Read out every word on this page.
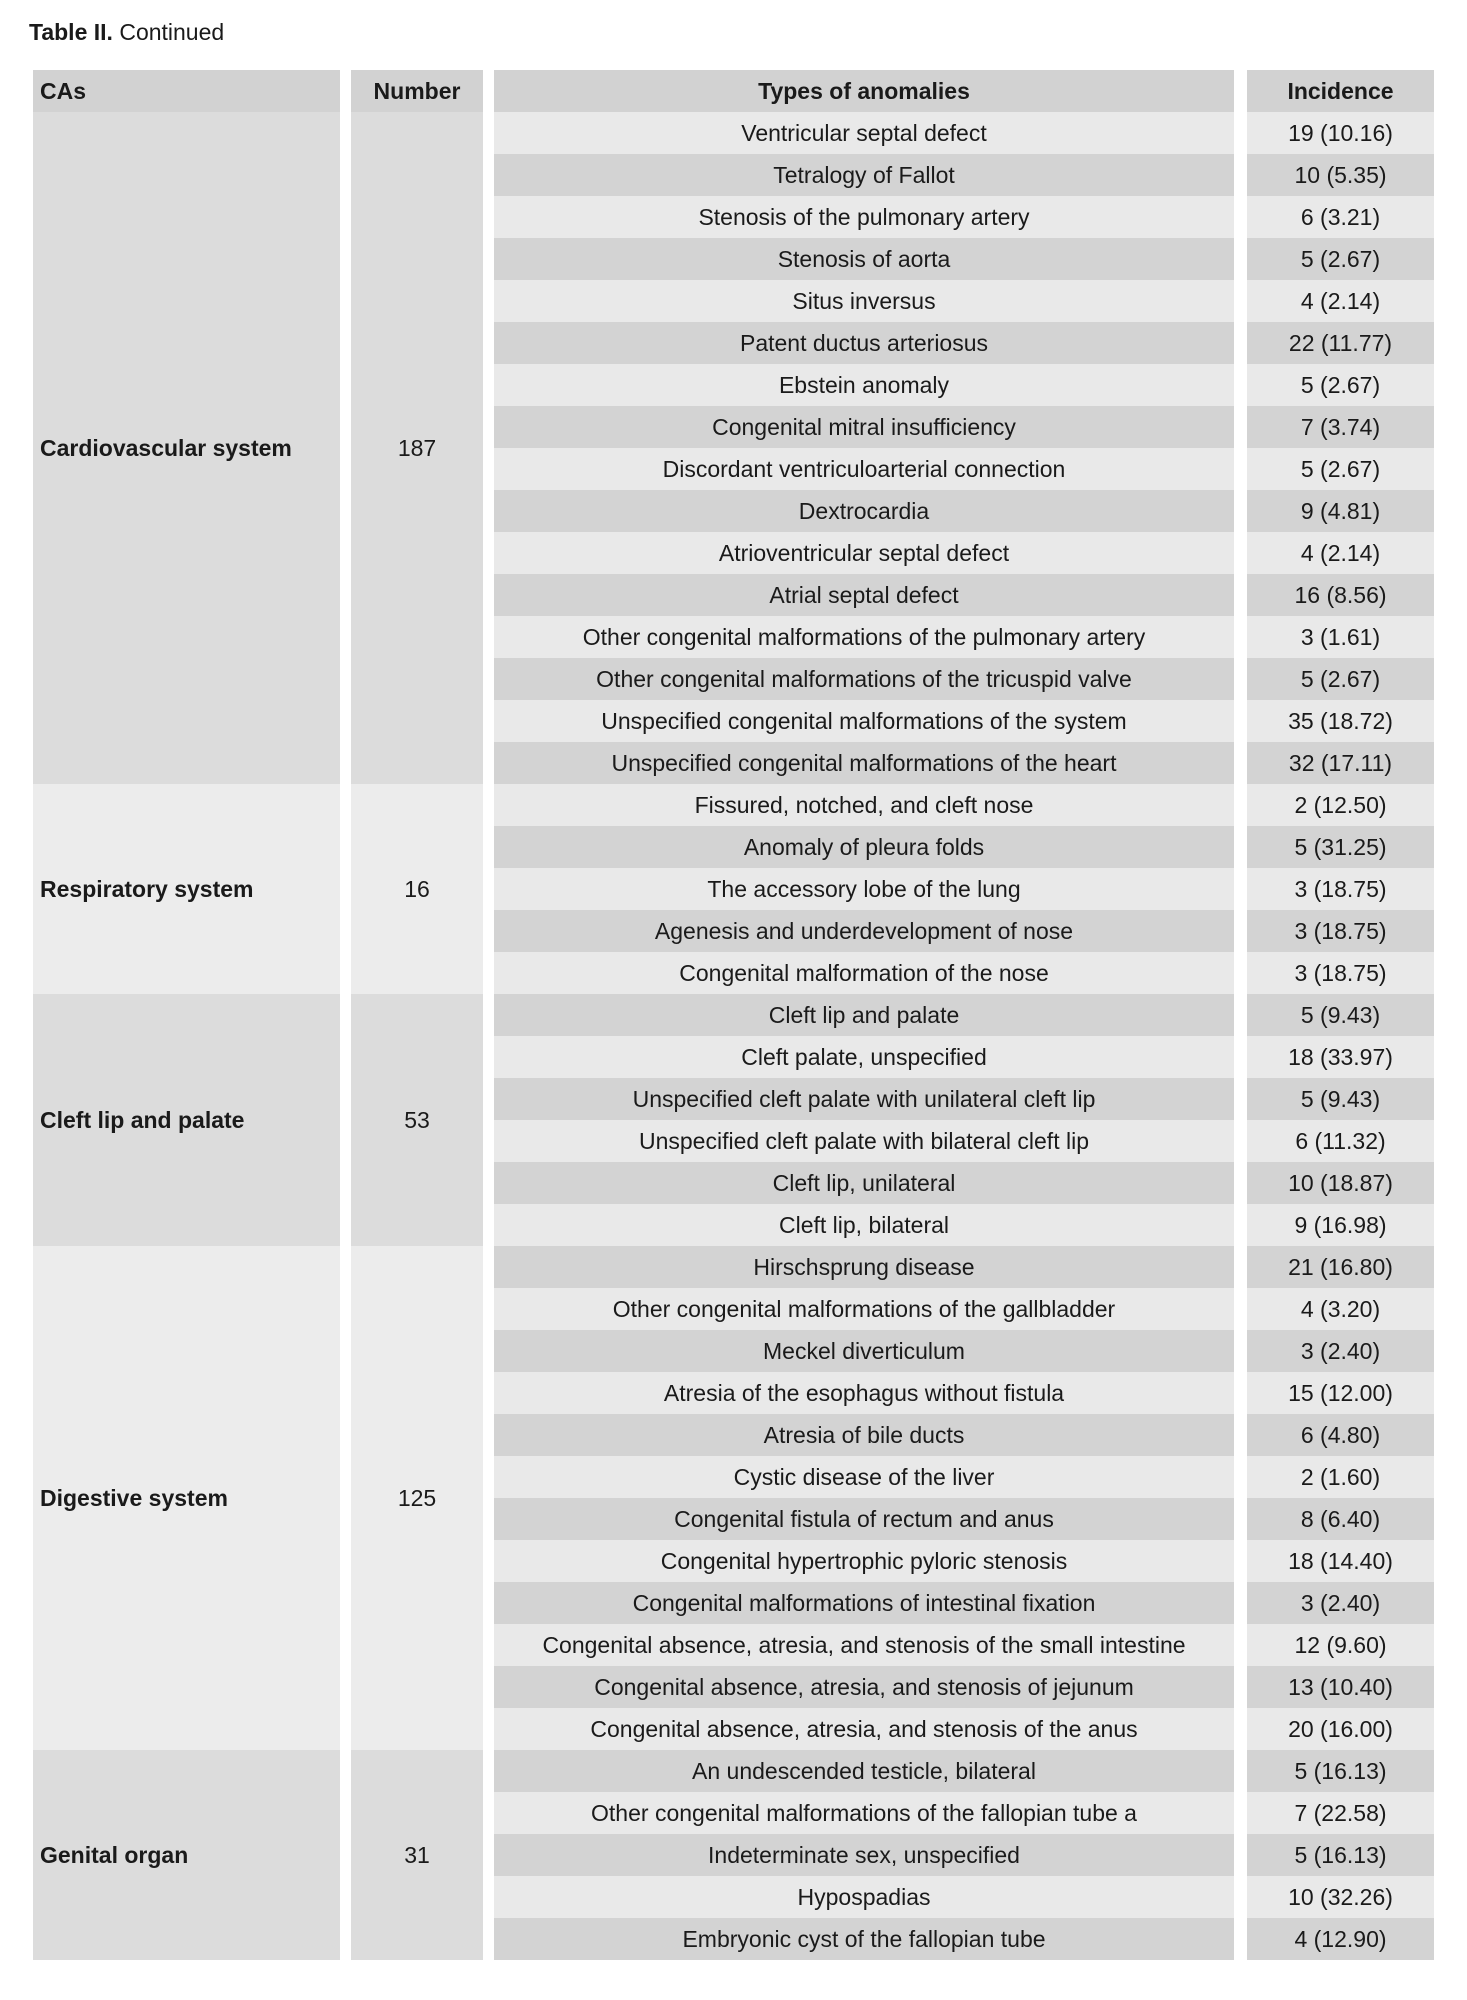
Table II. Continued
CAs
Cardiovascular system
Respiratory system
Cleft lip and palate
Digestive system
Genital organ
Number
187
16
53
125
31
Types of anomalies
Ventricular septal defect
Tetralogy of Fallot
Stenosis of the pulmonary artery
Stenosis of aorta
Situs inversus
Patent ductus arteriosus
Ebstein anomaly
Congenital mitral insufficiency
Discordant ventriculoarterial connection
Dextrocardia
Atrioventricular septal defect
Atrial septal defect
Other congenital malformations of the pulmonary artery
Other congenital malformations of the tricuspid valve
Unspecified congenital malformations of the system
Unspecified congenital malformations of the heart
Fissured, notched, and cleft nose
Anomaly of pleura folds
The accessory lobe of the lung
Agenesis and underdevelopment of nose
Congenital malformation of the nose
Cleft lip and palate
Cleft palate, unspecified
Unspecified cleft palate with unilateral cleft lip
Unspecified cleft palate with bilateral cleft lip
Cleft lip, unilateral
Cleft lip, bilateral
Hirschsprung disease
Other congenital malformations of the gallbladder
Meckel diverticulum
Atresia of the esophagus without fistula
Atresia of bile ducts
Cystic disease of the liver
Congenital fistula of rectum and anus
Congenital hypertrophic pyloric stenosis
Congenital malformations of intestinal fixation
Congenital absence, atresia, and stenosis of the small intestine
Congenital absence, atresia, and stenosis of jejunum
Congenital absence, atresia, and stenosis of the anus
An undescended testicle, bilateral
Other congenital malformations of the fallopian tube a
Indeterminate sex, unspecified
Hypospadias
Embryonic cyst of the fallopian tube
Incidence
19 (10.16)
10 (5.35)
6 (3.21)
5 (2.67)
4 (2.14)
22 (11.77)
5 (2.67)
7 (3.74)
5 (2.67)
9 (4.81)
4 (2.14)
16 (8.56)
3 (1.61)
5 (2.67)
35 (18.72)
32 (17.11)
2 (12.50)
5 (31.25)
3 (18.75)
3 (18.75)
3 (18.75)
5 (9.43)
18 (33.97)
5 (9.43)
6 (11.32)
10 (18.87)
9 (16.98)
21 (16.80)
4 (3.20)
3 (2.40)
15 (12.00)
6 (4.80)
2 (1.60)
8 (6.40)
18 (14.40)
3 (2.40)
12 (9.60)
13 (10.40)
20 (16.00)
5 (16.13)
7 (22.58)
5 (16.13)
10 (32.26)
4 (12.90)
